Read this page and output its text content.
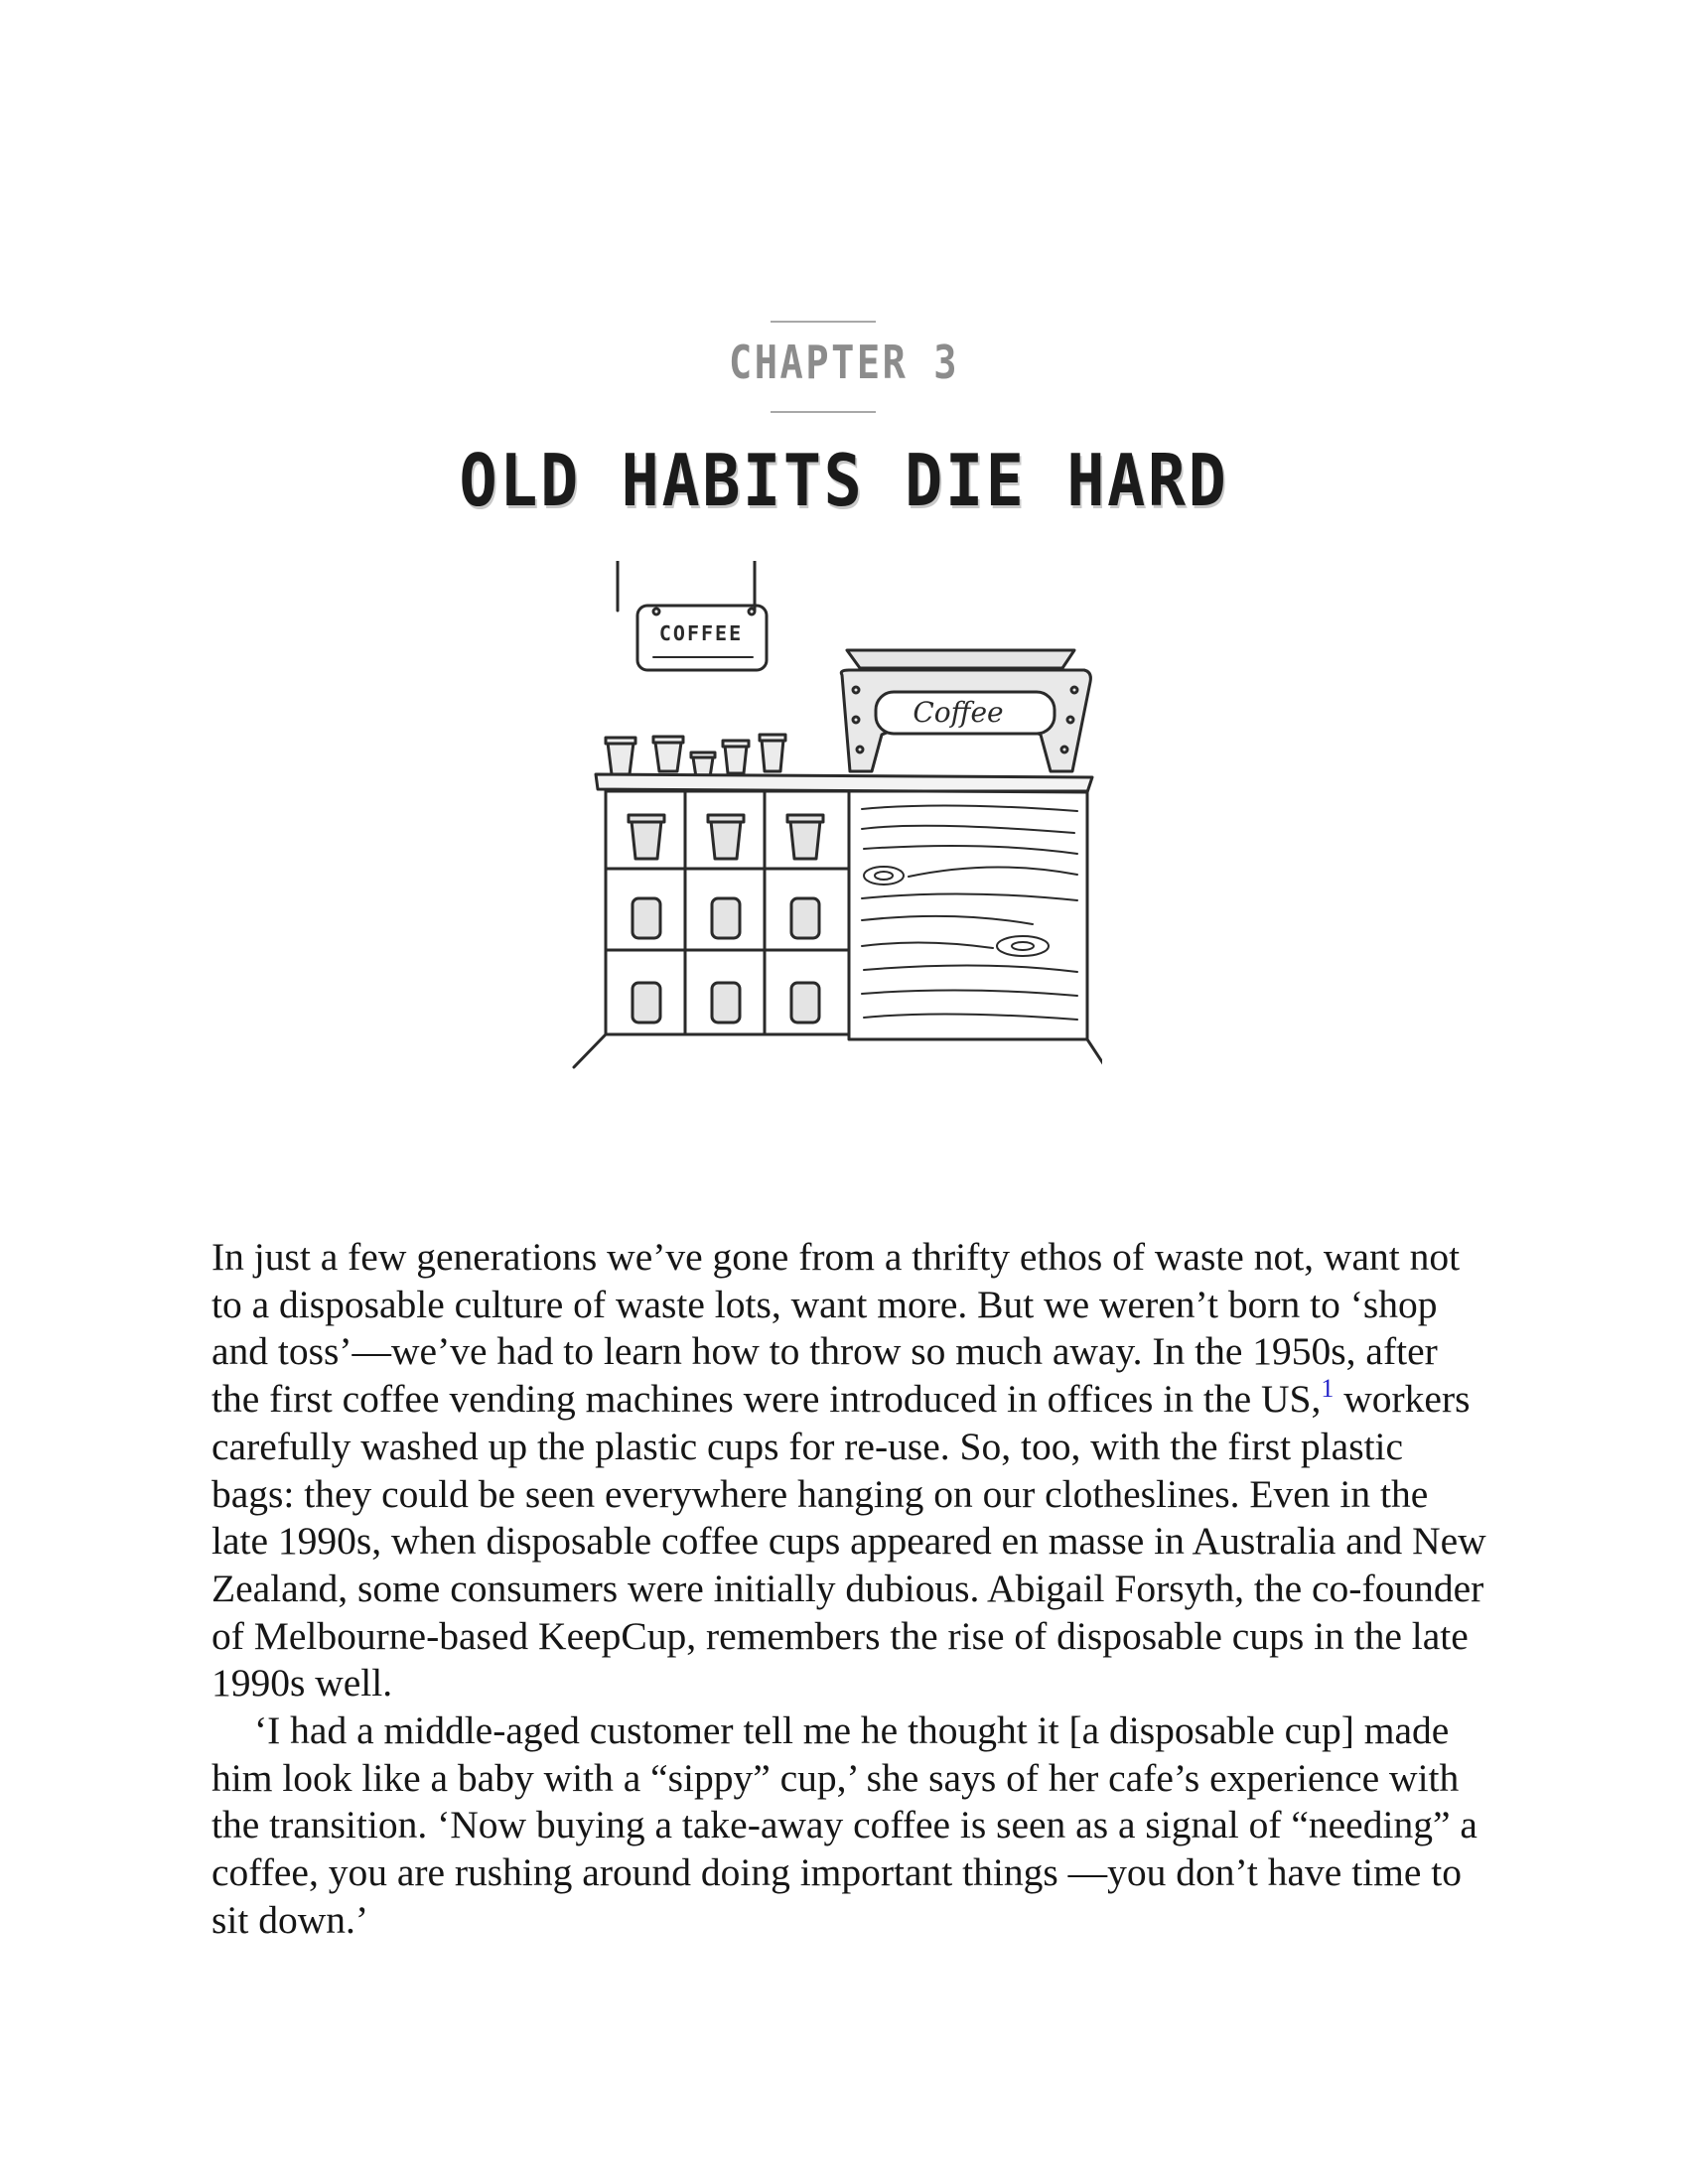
CHAPTER 3
OLD HABITS DIE HARD
COFFEE
Coffee

In just a few generations we’ve gone from a thrifty ethos of waste not, want not to a disposable culture of waste lots, want more. But we weren’t born to ‘shop and toss’—we’ve had to learn how to throw so much away. In the 1950s, after the first coffee vending machines were introduced in offices in the US,$^1$ workers carefully washed up the plastic cups for re-use. So, too, with the first plastic bags: they could be seen everywhere hanging on our clotheslines. Even in the late 1990s, when disposable coffee cups appeared en masse in Australia and New Zealand, some consumers were initially dubious. Abigail Forsyth, the co-founder of Melbourne-based KeepCup, remembers the rise of disposable cups in the late 1990s well.

‘I had a middle-aged customer tell me he thought it [a disposable cup] made him look like a baby with a “sippy” cup,’ she says of her cafe’s experience with the transition. ‘Now buying a take-away coffee is seen as a signal of “needing” a coffee, you are rushing around doing important things —you don’t have time to sit down.’
